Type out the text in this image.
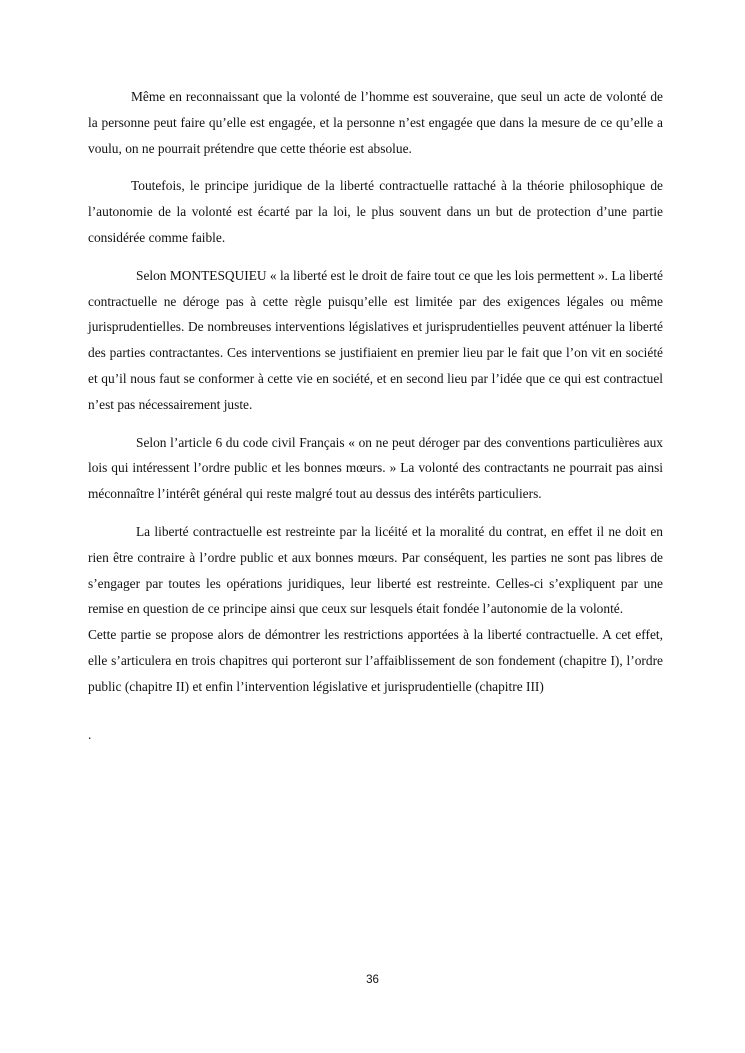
Même en reconnaissant que la volonté de l’homme est souveraine, que seul un acte de volonté de la personne peut faire qu’elle est engagée, et la personne n’est engagée que dans la mesure de ce qu’elle a voulu, on ne pourrait prétendre que cette théorie est absolue.

Toutefois, le principe juridique de la liberté contractuelle rattaché à la théorie philosophique de l’autonomie de la volonté est écarté par la loi, le plus souvent dans un but de protection d’une partie considérée comme faible.

Selon MONTESQUIEU « la liberté est le droit de faire tout ce que les lois permettent ». La liberté contractuelle ne déroge pas à cette règle puisqu’elle est limitée par des exigences légales ou même jurisprudentielles. De nombreuses interventions législatives et jurisprudentielles peuvent atténuer la liberté des parties contractantes. Ces interventions se justifiaient en premier lieu par le fait que l’on vit en société et qu’il nous faut se conformer à cette vie en société, et en second lieu par l’idée que ce qui est contractuel n’est pas nécessairement juste.

Selon l’article 6 du code civil Français « on ne peut déroger par des conventions particulières aux lois qui intéressent l’ordre public et les bonnes mœurs. » La volonté des contractants ne pourrait pas ainsi méconnaître l’intérêt général qui reste malgré tout au dessus des intérêts particuliers.

La liberté contractuelle est restreinte par la licéité et la moralité du contrat, en effet il ne doit en rien être contraire à l’ordre public et aux bonnes mœurs. Par conséquent, les parties ne sont pas libres de s’engager par toutes les opérations juridiques, leur liberté est restreinte. Celles-ci s’expliquent par une remise en question de ce principe ainsi que ceux sur lesquels était fondée l’autonomie de la volonté.

Cette partie se propose alors de démontrer les restrictions apportées à la liberté contractuelle. A cet effet, elle s’articulera en trois chapitres qui porteront sur l’affaiblissement de son fondement (chapitre I), l’ordre public (chapitre II) et enfin l’intervention législative et jurisprudentielle (chapitre III)

.

36
